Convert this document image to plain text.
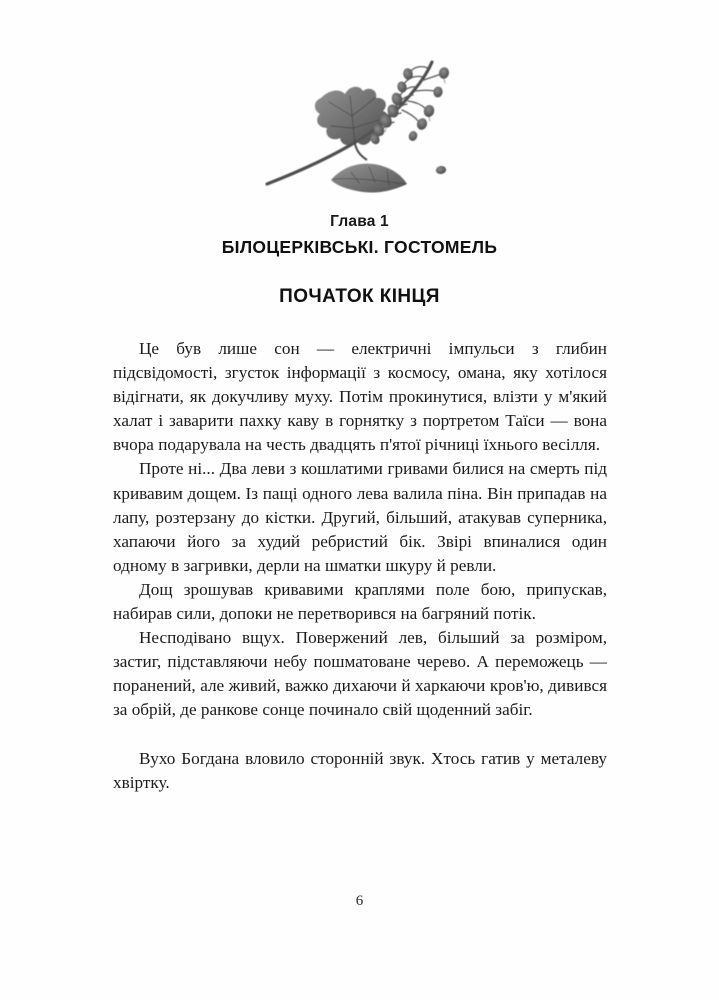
Глава 1

БІЛОЦЕРКІВСЬКІ. ГОСТОМЕЛЬ

ПОЧАТОК КІНЦЯ

Це був лише сон — електричні імпульси з глибин підсвідомості, згусток інформації з космосу, омана, яку хотілося відігнати, як докучливу муху. Потім прокинутися, влізти у м'який халат і заварити пахку каву в горнятку з портретом Таїси — вона вчора подарувала на честь двадцять п'ятої річниці їхнього весілля.

Проте ні... Два леви з кошлатими гривами билися на смерть під кривавим дощем. Із пащі одного лева валила піна. Він припадав на лапу, розтерзану до кістки. Другий, більший, атакував суперника, хапаючи його за худий ребристий бік. Звірі впиналися один одному в загривки, дерли на шматки шкуру й ревли.

Дощ зрошував кривавими краплями поле бою, припускав, набирав сили, допоки не перетворився на багряний потік.

Несподівано вщух. Повержений лев, більший за розміром, застиг, підставляючи небу пошматоване черево. А переможець — поранений, але живий, важко дихаючи й харкаючи кров'ю, дивився за обрій, де ранкове сонце починало свій щоденний забіг.

Вухо Богдана вловило сторонній звук. Хтось гатив у металеву хвіртку.

6
